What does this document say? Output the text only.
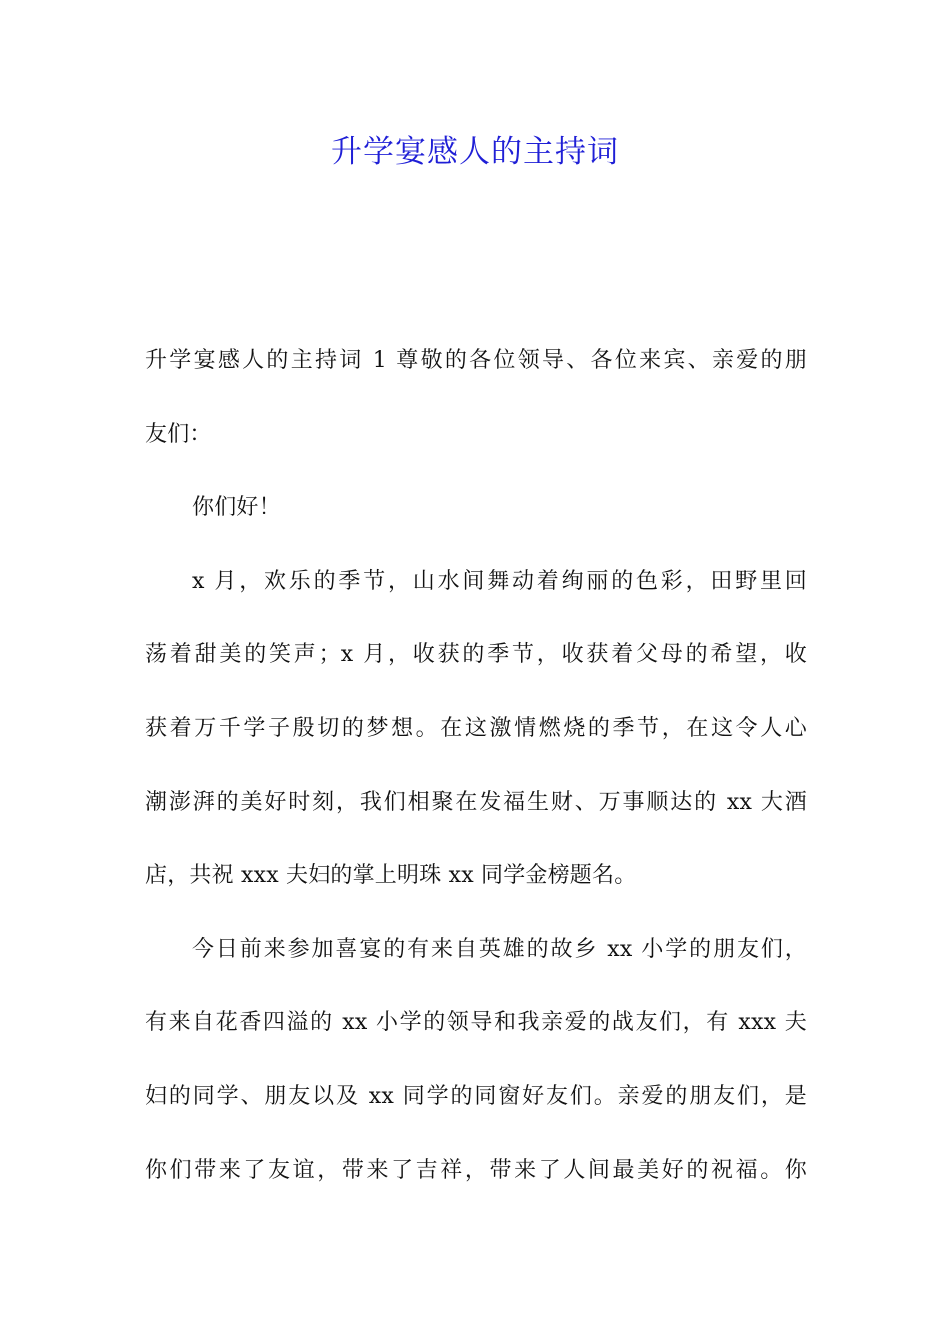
升学宴感人的主持词
升学宴感人的主持词 1 尊敬的各位领导、各位来宾、亲爱的朋
友们：
你们好！
x 月，欢乐的季节，山水间舞动着绚丽的色彩，田野里回
荡着甜美的笑声；x 月，收获的季节，收获着父母的希望，收
获着万千学子殷切的梦想。在这激情燃烧的季节，在这令人心
潮澎湃的美好时刻，我们相聚在发福生财、万事顺达的 xx 大酒
店，共祝 xxx 夫妇的掌上明珠 xx 同学金榜题名。
今日前来参加喜宴的有来自英雄的故乡 xx 小学的朋友们，
有来自花香四溢的 xx 小学的领导和我亲爱的战友们，有 xxx 夫
妇的同学、朋友以及 xx 同学的同窗好友们。亲爱的朋友们，是
你们带来了友谊，带来了吉祥，带来了人间最美好的祝福。你
